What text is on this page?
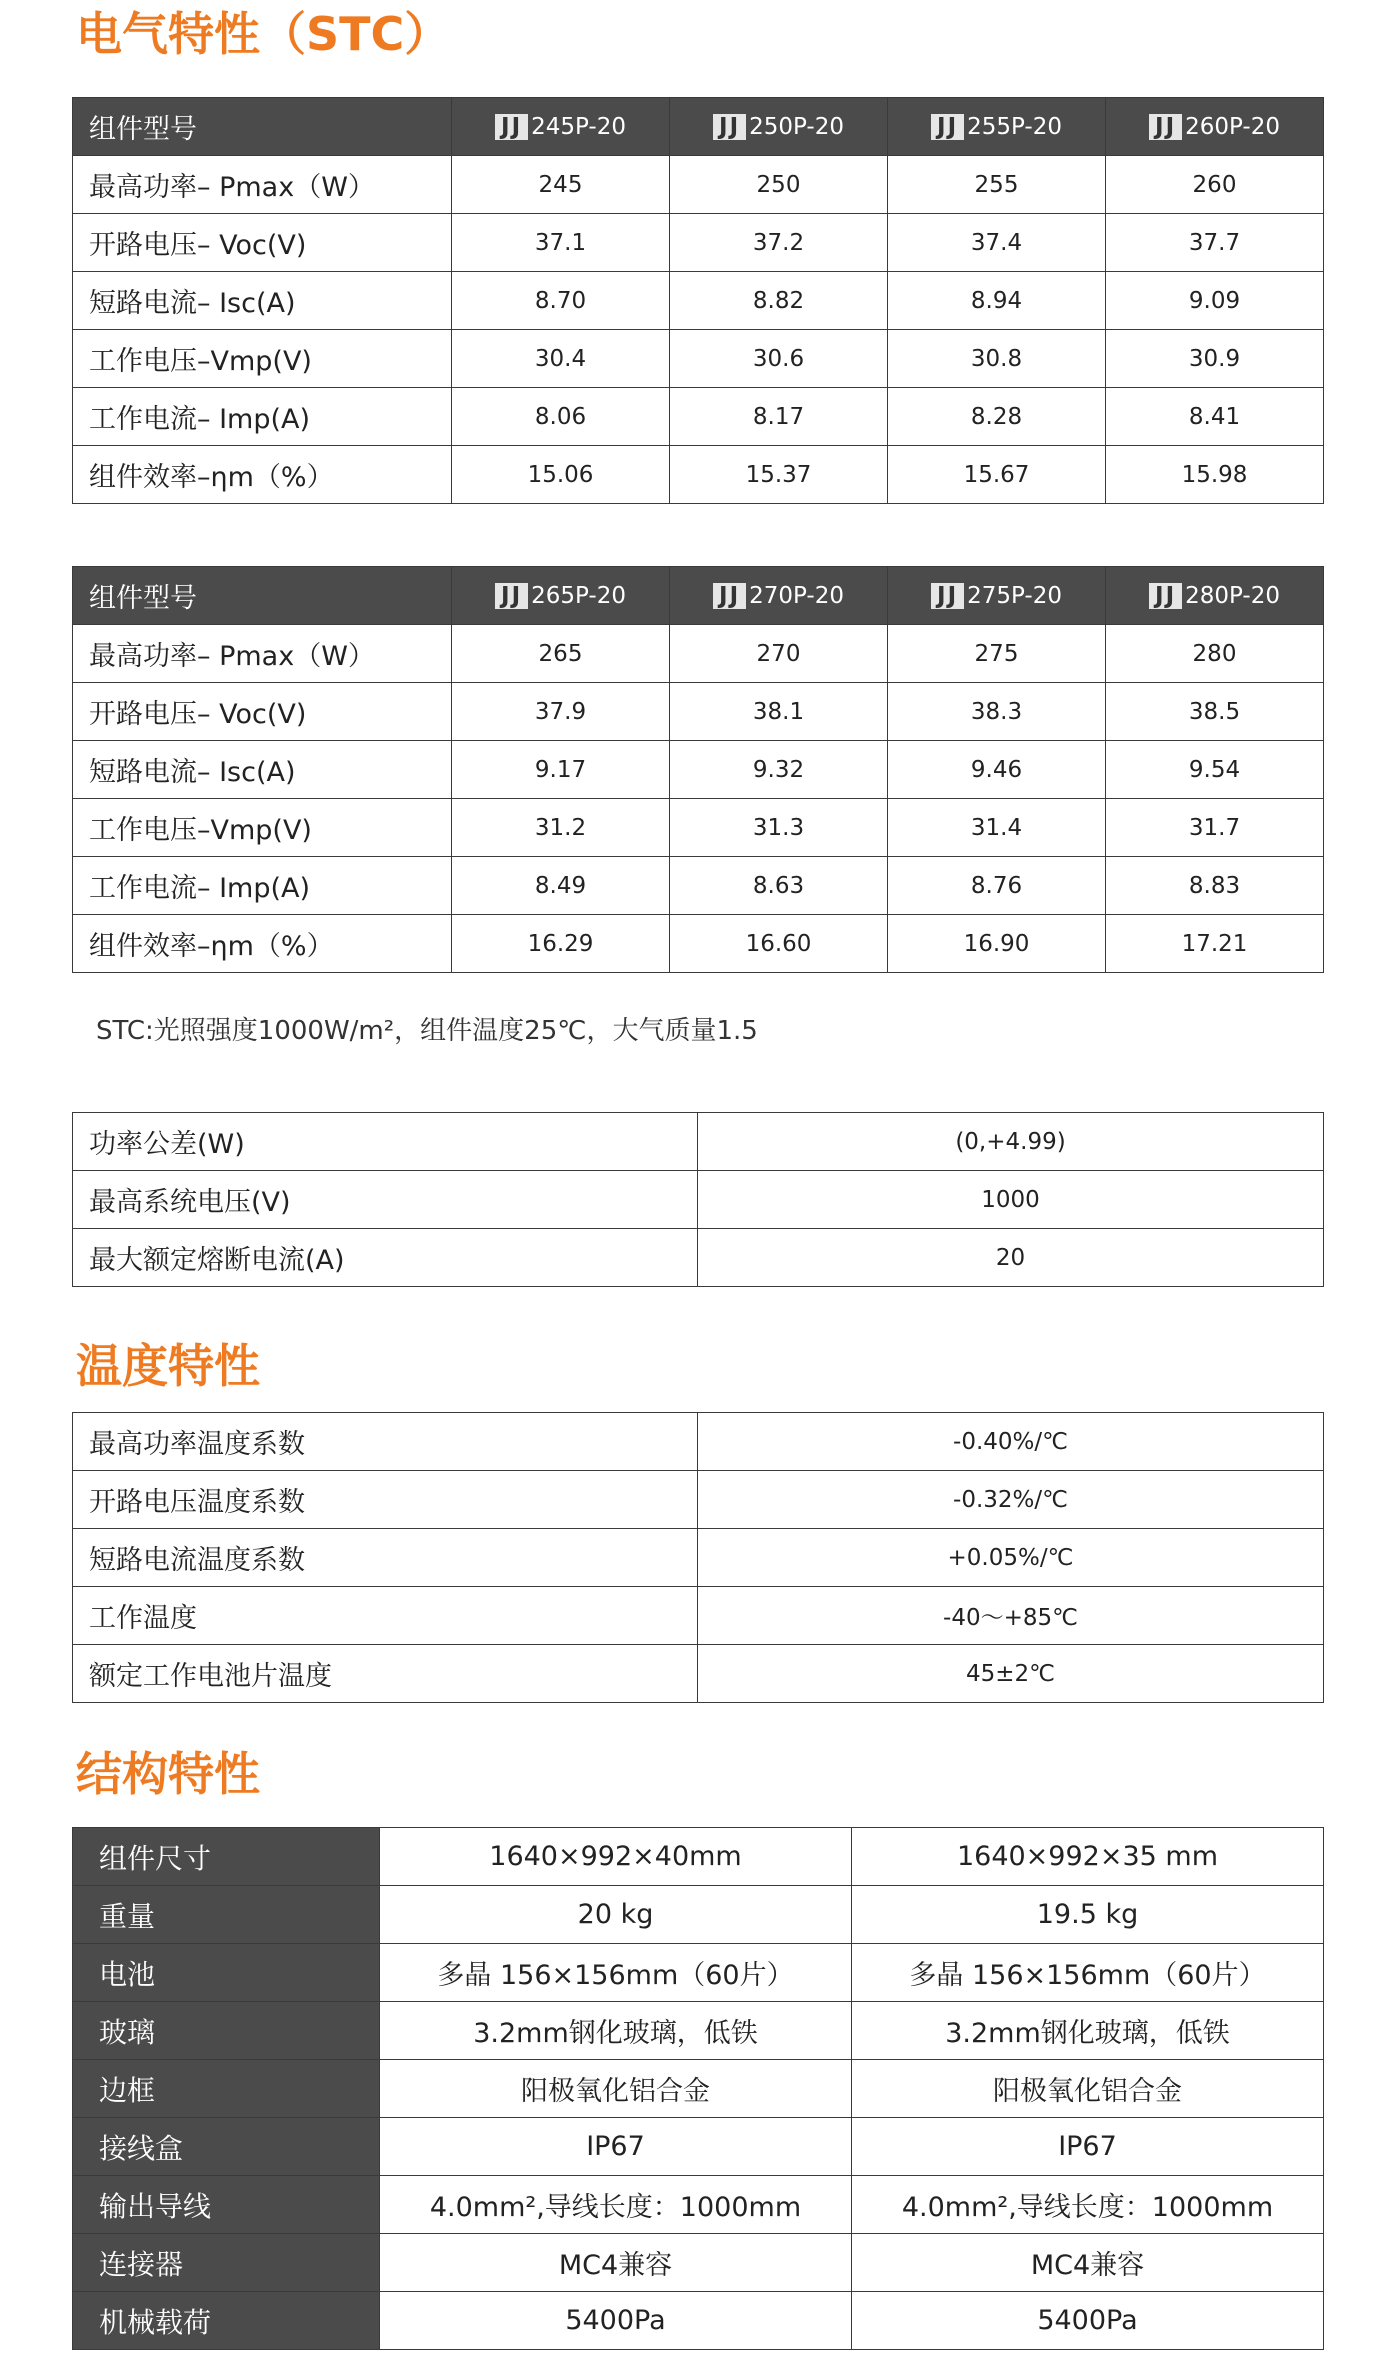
电气特性（STC）
组件型号	JJ 245P-20	JJ 250P-20	JJ 255P-20	JJ 260P-20
最高功率– Pmax（W）	245	250	255	260
开路电压– Voc(V)	37.1	37.2	37.4	37.7
短路电流– Isc(A)	8.70	8.82	8.94	9.09
工作电压–Vmp(V)	30.4	30.6	30.8	30.9
工作电流– Imp(A)	8.06	8.17	8.28	8.41
组件效率–ηm（%）	15.06	15.37	15.67	15.98
组件型号	JJ 265P-20	JJ 270P-20	JJ 275P-20	JJ 280P-20
最高功率– Pmax（W）	265	270	275	280
开路电压– Voc(V)	37.9	38.1	38.3	38.5
短路电流– Isc(A)	9.17	9.32	9.46	9.54
工作电压–Vmp(V)	31.2	31.3	31.4	31.7
工作电流– Imp(A)	8.49	8.63	8.76	8.83
组件效率–ηm（%）	16.29	16.60	16.90	17.21

STC:光照强度1000W/m²，组件温度25℃，大气质量1.5

功率公差(W)	(0,+4.99)
最高系统电压(V)	1000
最大额定熔断电流(A)	20
温度特性
最高功率温度系数	-0.40%/℃
开路电压温度系数	-0.32%/℃
短路电流温度系数	+0.05%/℃
工作温度	-40～+85℃
额定工作电池片温度	45±2℃
结构特性
组件尺寸	1640×992×40mm	1640×992×35 mm
重量	20 kg	19.5 kg
电池	多晶 156×156mm（60片）	多晶 156×156mm（60片）
玻璃	3.2mm钢化玻璃，低铁	3.2mm钢化玻璃，低铁
边框	阳极氧化铝合金	阳极氧化铝合金
接线盒	IP67	IP67
输出导线	4.0mm²,导线长度：1000mm	4.0mm²,导线长度：1000mm
连接器	MC4兼容	MC4兼容
机械载荷	5400Pa	5400Pa
